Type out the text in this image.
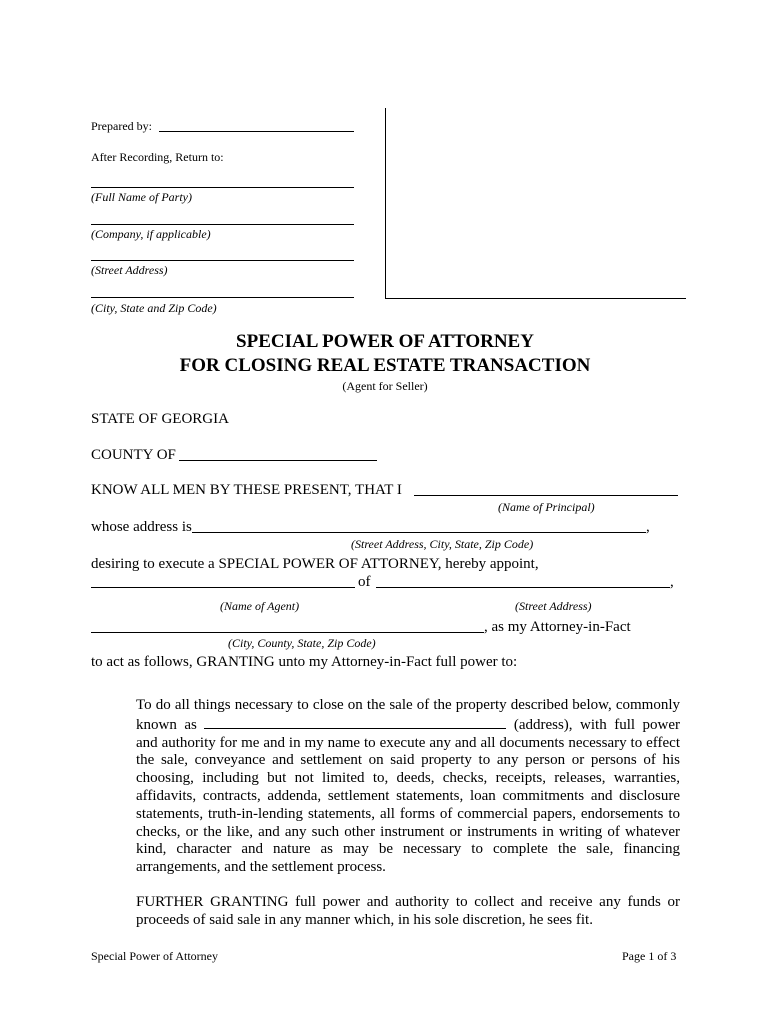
Prepared by:
After Recording, Return to:
(Full Name of Party)
(Company, if applicable)
(Street Address)
(City, State and Zip Code)
SPECIAL POWER OF ATTORNEY
FOR CLOSING REAL ESTATE TRANSACTION
(Agent for Seller)
STATE OF GEORGIA
COUNTY OF
KNOW ALL MEN BY THESE PRESENT, THAT I
(Name of Principal)
whose address is	,
(Street Address, City, State, Zip Code)
desiring to execute a SPECIAL POWER OF ATTORNEY, hereby appoint,
of	,
(Name of Agent)	(Street Address)
, as my Attorney-in-Fact
(City, County, State, Zip Code)
to act as follows, GRANTING unto my Attorney-in-Fact full power to:
To do all things necessary to close on the sale of the property described below, commonly known as	(address), with full power and authority for me and in my name to execute any and all documents necessary to effect the sale, conveyance and settlement on said property to any person or persons of his choosing, including but not limited to, deeds, checks, receipts, releases, warranties, affidavits, contracts, addenda, settlement statements, loan commitments and disclosure statements, truth-in-lending statements, all forms of commercial papers, endorsements to checks, or the like, and any such other instrument or instruments in writing of whatever kind, character and nature as may be necessary to complete the sale, financing arrangements, and the settlement process.
FURTHER GRANTING full power and authority to collect and receive any funds or proceeds of said sale in any manner which, in his sole discretion, he sees fit.
Special Power of Attorney	Page 1 of 3
